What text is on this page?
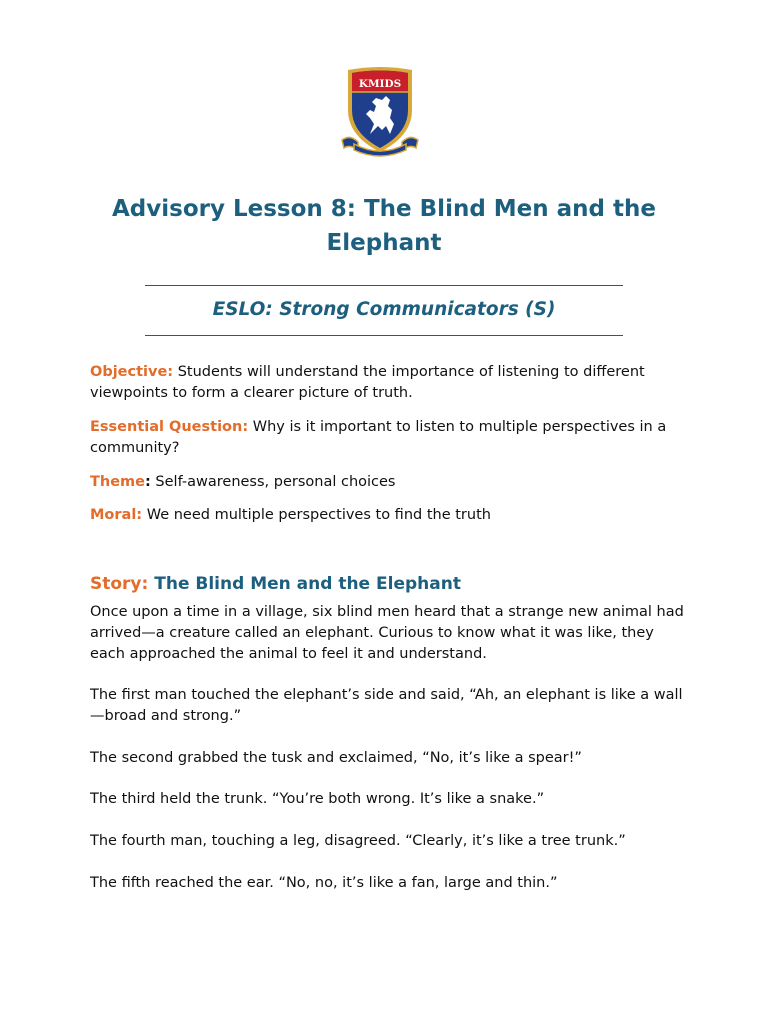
KMIDS
Advisory Lesson 8: The Blind Men and the Elephant
ESLO: Strong Communicators (S)

Objective: Students will understand the importance of listening to different viewpoints to form a clearer picture of truth.

Essential Question: Why is it important to listen to multiple perspectives in a community?

Theme: Self-awareness, personal choices

Moral: We need multiple perspectives to find the truth

Story: The Blind Men and the Elephant

Once upon a time in a village, six blind men heard that a strange new animal had arrived—a creature called an elephant. Curious to know what it was like, they each approached the animal to feel it and understand.

The first man touched the elephant’s side and said, “Ah, an elephant is like a wall—broad and strong.”

The second grabbed the tusk and exclaimed, “No, it’s like a spear!”

The third held the trunk. “You’re both wrong. It’s like a snake.”

The fourth man, touching a leg, disagreed. “Clearly, it’s like a tree trunk.”

The fifth reached the ear. “No, no, it’s like a fan, large and thin.”
